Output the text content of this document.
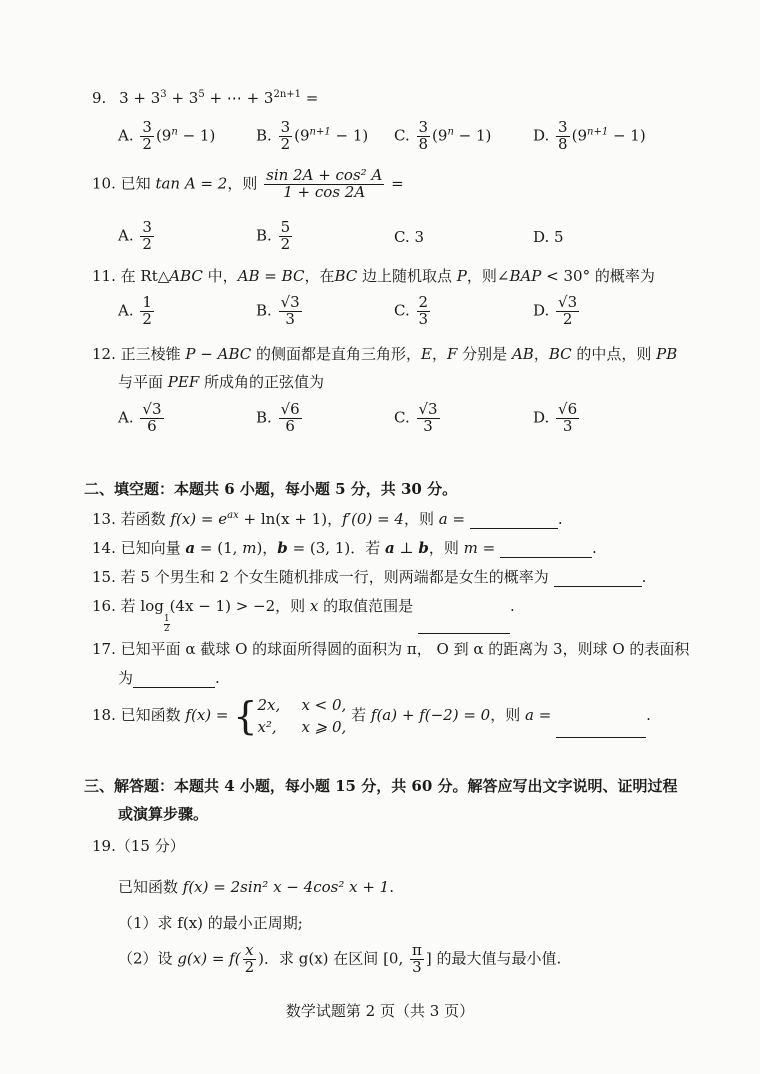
9. $3 + 3^3 + 3^5$ + ⋯ + $3^{2n+1}$ =
A. $\frac{3}{2} (9^n - 1)$	B. $\frac{3}{2} (9^{n+1} - 1)$ C. $\frac{3}{8} (9^n - 1)$	D. $\frac{3}{8} (9^{n+1} - 1)$
10. 已知 tan A = 2，则 $\frac{\text{sin 2A + cos² A}}{1 + \cos 2A}$ =
A. $\frac{3}{2}$	B. $\frac{5}{2}$	C. 3	D. 5
11. 在 Rt△ABC 中，AB = BC，在BC 边上随机取点 P，则∠BAP < 30° 的概率为
A. $\frac{1}{2}$	B. $\frac{√3}{3}$	C. $\frac{2}{3}$	D. $\frac{√3}{2}$
12. 正三棱锥 P − ABC 的侧面都是直角三角形，E，F 分别是 AB，BC 的中点，则 PB
与平面 PEF 所成角的正弦值为
A. $\frac{√3}{6}$	B. $\frac{√6}{6}$	C. $\frac{√3}{3}$	D. $\frac{√6}{3}$
二、填空题：本题共 6 小题，每小题 5 分，共 30 分。
13. 若函数 $f(x) = e^{ax} + \ln(x + 1)$，f′(0) = 4，则 a =	.
14. 已知向量 a = (1, m)，b = (3, 1)．若 a ⊥ b，则 m =	.
15. 若 5 个男生和 2 个女生随机排成一行，则两端都是女生的概率为	.
16. 若 log
$\frac{1}{2}$
(4x − 1) > −2，则 x 的取值范围是	.
17. 已知平面 α 截球 O 的球面所得圆的面积为 π， O 到 α 的距离为 3，则球 O 的表面积
为	.
18. 已知函数 f(x) = { 2x, x < 0,
x², x ⩾ 0,
若 f(a) + f(−2) = 0，则 a =	.
三、解答题：本题共 4 小题，每小题 15 分，共 60 分。解答应写出文字说明、证明过程
或演算步骤。
19.（15 分）
已知函数 f(x) = 2sin² x − 4cos² x + 1.
（1）求 f(x) 的最小正周期;
（2）设 $g(x) = f( \frac{x}{2}$ )．求 g(x) 在区间 [0, $\frac{\pi}{3}$ ] 的最大值与最小值.
数学试题第 2 页（共 3 页）
